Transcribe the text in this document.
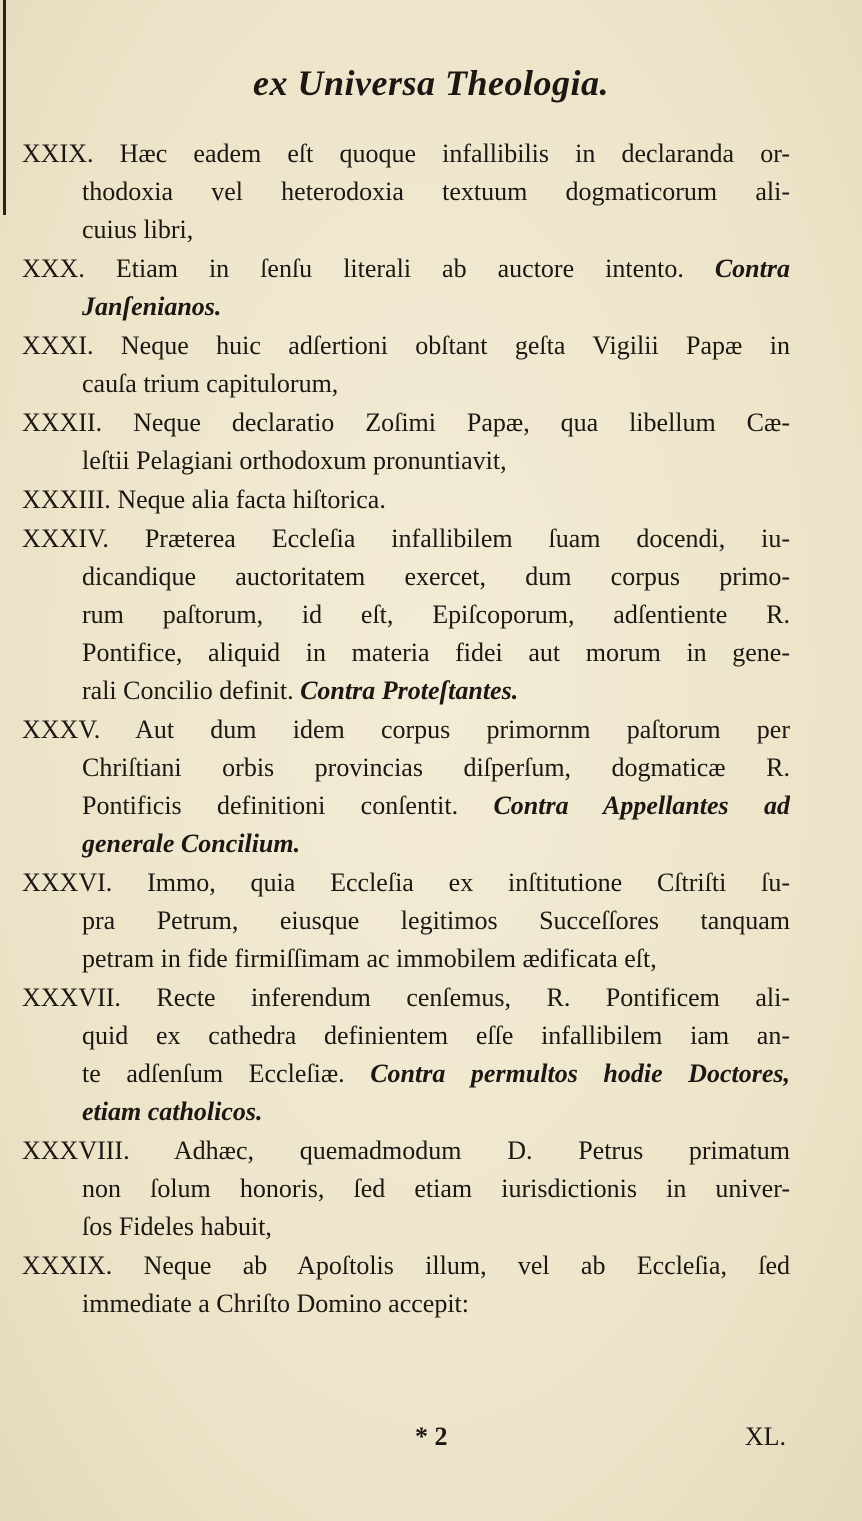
ex Universa Theologia.
XXIX. Hæc eadem eſt quoque infallibilis in declaranda or-
thodoxia vel heterodoxia textuum dogmaticorum ali-
cuius libri,
XXX. Etiam in ſenſu literali ab auctore intento. Contra
Janſenianos.
XXXI. Neque huic adſertioni obſtant geſta Vigilii Papæ in
cauſa trium capitulorum,
XXXII. Neque declaratio Zoſimi Papæ, qua libellum Cæ-
leſtii Pelagiani orthodoxum pronuntiavit,
XXXIII. Neque alia facta hiſtorica.
XXXIV. Præterea Eccleſia infallibilem ſuam docendi, iu-
dicandique auctoritatem exercet, dum corpus primo-
rum paſtorum, id eſt, Epiſcoporum, adſentiente R.
Pontifice, aliquid in materia fidei aut morum in gene-
rali Concilio definit. Contra Proteſtantes.
XXXV. Aut dum idem corpus primornm paſtorum per
Chriſtiani orbis provincias diſperſum, dogmaticæ R.
Pontificis definitioni conſentit. Contra Appellantes ad
generale Concilium.
XXXVI. Immo, quia Eccleſia ex inſtitutione Cſtriſti ſu-
pra Petrum, eiusque legitimos Succeſſores tanquam
petram in fide firmiſſimam ac immobilem ædificata eſt,
XXXVII. Recte inferendum cenſemus, R. Pontificem ali-
quid ex cathedra definientem eſſe infallibilem iam an-
te adſenſum Eccleſiæ. Contra permultos hodie Doctores,
etiam catholicos.
XXXVIII. Adhæc, quemadmodum D. Petrus primatum
non ſolum honoris, ſed etiam iurisdictionis in univer-
ſos Fideles habuit,
XXXIX. Neque ab Apoſtolis illum, vel ab Eccleſia, ſed
immediate a Chriſto Domino accepit:
* 2	XL.
